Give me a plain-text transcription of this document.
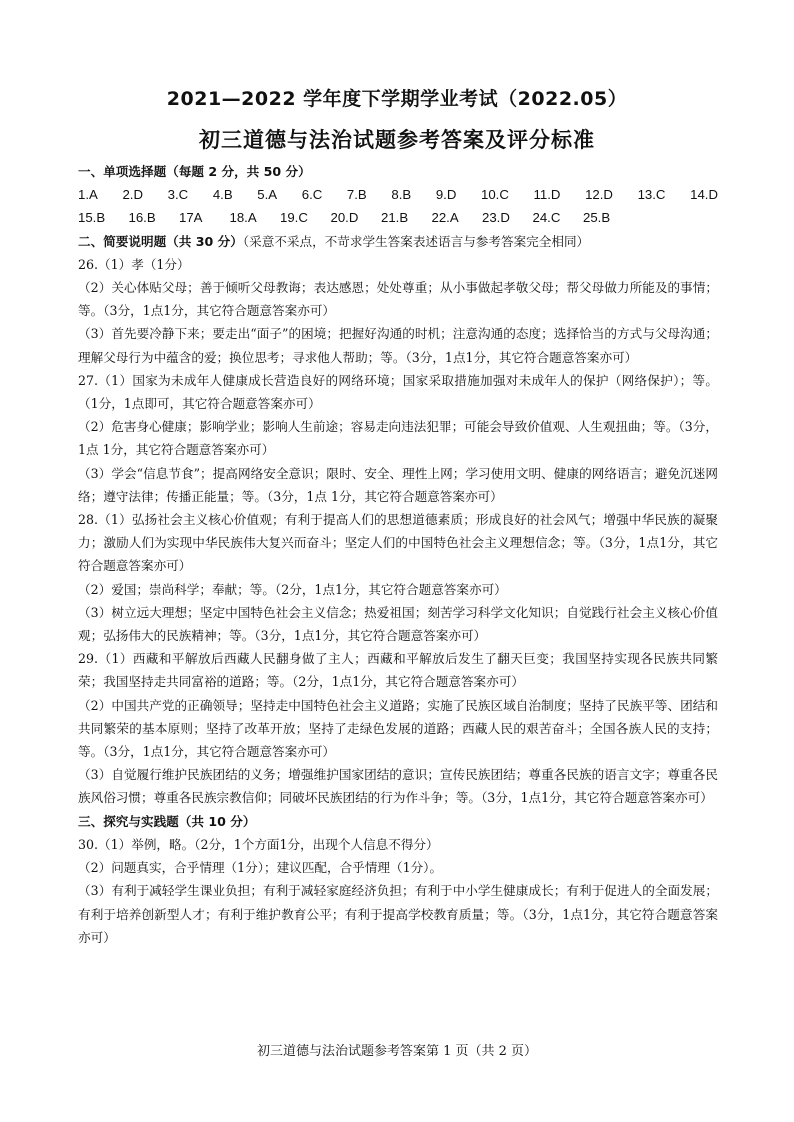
2021—2022 学年度下学期学业考试（2022.05）
初三道德与法治试题参考答案及评分标准
一、单项选择题（每题 2 分，共 50 分）
1.A 2.D 3.C 4.B 5.A 6.C 7.B 8.B 9.D 10.C 11.D 12.D 13.C 14.D
15.B	16.B	17A	18.A	19.C	20.D	21.B	22.A	23.D	24.C	25.B
二、简要说明题（共 30 分）（采意不采点，不苛求学生答案表述语言与参考答案完全相同）
26.（1）孝（1分）
（2）关心体贴父母；善于倾听父母教诲；表达感恩；处处尊重；从小事做起孝敬父母；帮父母做力所能及的事情；等。（3分，1点1分，其它符合题意答案亦可）
（3）首先要冷静下来；要走出“面子”的困境；把握好沟通的时机；注意沟通的态度；选择恰当的方式与父母沟通；理解父母行为中蕴含的爱；换位思考；寻求他人帮助；等。（3分，1点1分，其它符合题意答案亦可）
27.（1）国家为未成年人健康成长营造良好的网络环境；国家采取措施加强对未成年人的保护（网络保护）；等。（1分，1点即可，其它符合题意答案亦可）
（2）危害身心健康；影响学业；影响人生前途；容易走向违法犯罪；可能会导致价值观、人生观扭曲；等。（3分，1点 1分，其它符合题意答案亦可）
（3）学会“信息节食”；提高网络安全意识；限时、安全、理性上网；学习使用文明、健康的网络语言；避免沉迷网络；遵守法律；传播正能量；等。（3分，1点 1分，其它符合题意答案亦可）
28.（1）弘扬社会主义核心价值观；有利于提高人们的思想道德素质；形成良好的社会风气；增强中华民族的凝聚力；激励人们为实现中华民族伟大复兴而奋斗；坚定人们的中国特色社会主义理想信念；等。（3分，1点1分，其它符合题意答案亦可）
（2）爱国；崇尚科学；奉献；等。（2分，1点1分，其它符合题意答案亦可）
（3）树立远大理想；坚定中国特色社会主义信念；热爱祖国；刻苦学习科学文化知识；自觉践行社会主义核心价值观；弘扬伟大的民族精神；等。（3分，1点1分，其它符合题意答案亦可）
29.（1）西藏和平解放后西藏人民翻身做了主人；西藏和平解放后发生了翻天巨变；我国坚持实现各民族共同繁荣；我国坚持走共同富裕的道路；等。（2分，1点1分，其它符合题意答案亦可）
（2）中国共产党的正确领导；坚持走中国特色社会主义道路；实施了民族区域自治制度；坚持了民族平等、团结和共同繁荣的基本原则；坚持了改革开放；坚持了走绿色发展的道路；西藏人民的艰苦奋斗；全国各族人民的支持；等。（3分，1点1分，其它符合题意答案亦可）
（3）自觉履行维护民族团结的义务；增强维护国家团结的意识；宣传民族团结；尊重各民族的语言文字；尊重各民族风俗习惯；尊重各民族宗教信仰；同破坏民族团结的行为作斗争；等。（3分，1点1分，其它符合题意答案亦可）
三、探究与实践题（共 10 分）
30.（1）举例，略。（2分，1个方面1分，出现个人信息不得分）
（2）问题真实，合乎情理（1分）；建议匹配，合乎情理（1分）。
（3）有利于减轻学生课业负担；有利于减轻家庭经济负担；有利于中小学生健康成长；有利于促进人的全面发展；有利于培养创新型人才；有利于维护教育公平；有利于提高学校教育质量；等。（3分，1点1分，其它符合题意答案亦可）
初三道德与法治试题参考答案第 1 页（共 2 页）
